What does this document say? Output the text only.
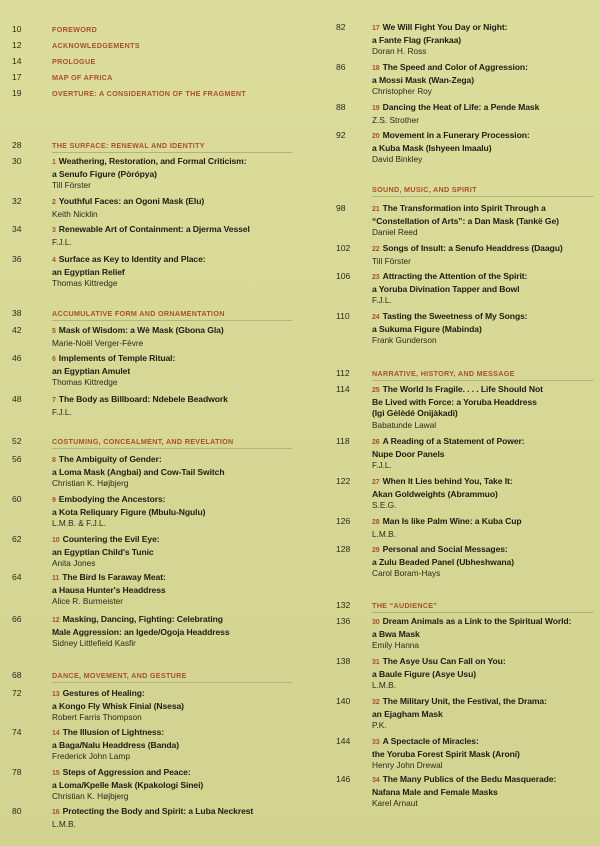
10	FOREWORD
12	ACKNOWLEDGEMENTS
14	PROLOGUE
17	MAP OF AFRICA
19	OVERTURE: A CONSIDERATION OF THE FRAGMENT
28	THE SURFACE: RENEWAL AND IDENTITY
30	1 Weathering, Restoration, and Formal Criticism:
a Senufo Figure (Pòrópya)
Till Förster
32	2 Youthful Faces: an Ogoni Mask (Elu)
Keith Nicklin
34	3 Renewable Art of Containment: a Djerma Vessel
F.J.L.
36	4 Surface as Key to Identity and Place:
an Egyptian Relief
Thomas Kittredge
38	ACCUMULATIVE FORM AND ORNAMENTATION
42	5 Mask of Wisdom: a Wè Mask (Gbona Gla)
Marie-Noël Verger-Fèvre
46	6 Implements of Temple Ritual:
an Egyptian Amulet
Thomas Kittredge
48	7 The Body as Billboard: Ndebele Beadwork
F.J.L.
52	COSTUMING, CONCEALMENT, AND REVELATION
56	8 The Ambiguity of Gender:
a Loma Mask (Angbai) and Cow-Tail Switch
Christian K. Højbjerg
60	9 Embodying the Ancestors:
a Kota Reliquary Figure (Mbulu-Ngulu)
L.M.B. & F.J.L.
62	10 Countering the Evil Eye:
an Egyptian Child's Tunic
Anita Jones
64	11 The Bird Is Faraway Meat:
a Hausa Hunter's Headdress
Alice R. Burmeister
66	12 Masking, Dancing, Fighting: Celebrating
Male Aggression: an Igede/Ogoja Headdress
Sidney Littlefield Kasfir
68	DANCE, MOVEMENT, AND GESTURE
72	13 Gestures of Healing:
a Kongo Fly Whisk Finial (Nsesa)
Robert Farris Thompson
74	14 The Illusion of Lightness:
a Baga/Nalu Headdress (Banda)
Frederick John Lamp
78	15 Steps of Aggression and Peace:
a Loma/Kpelle Mask (Kpakologi Sinei)
Christian K. Højbjerg
80	16 Protecting the Body and Spirit: a Luba Neckrest
L.M.B.
82	17 We Will Fight You Day or Night:
a Fante Flag (Frankaa)
Doran H. Ross
86	18 The Speed and Color of Aggression:
a Mossi Mask (Wan-Zega)
Christopher Roy
88	19 Dancing the Heat of Life: a Pende Mask
Z.S. Strother
92	20 Movement in a Funerary Procession:
a Kuba Mask (Ishyeen Imaalu)
David Binkley
SOUND, MUSIC, AND SPIRIT
98	21 The Transformation into Spirit Through a
“Constellation of Arts”: a Dan Mask (Tankë Ge)
Daniel Reed
102	22 Songs of Insult: a Senufo Headdress (Daagu)
Till Förster
106	23 Attracting the Attention of the Spirit:
a Yoruba Divination Tapper and Bowl
F.J.L.
110	24 Tasting the Sweetness of My Songs:
a Sukuma Figure (Mabinda)
Frank Gunderson
112	NARRATIVE, HISTORY, AND MESSAGE
114	25 The World Is Fragile. . . . Life Should Not
Be Lived with Force: a Yoruba Headdress
(Igi Gèlèdé Onijàkadi)
Babatunde Lawal
118	26 A Reading of a Statement of Power:
Nupe Door Panels
F.J.L.
122	27 When It Lies behind You, Take It:
Akan Goldweights (Abrammuo)
S.E.G.
126	28 Man Is like Palm Wine: a Kuba Cup
L.M.B.
128	29 Personal and Social Messages:
a Zulu Beaded Panel (Ubheshwana)
Carol Boram-Hays
132	THE “AUDIENCE”
136	30 Dream Animals as a Link to the Spiritual World:
a Bwa Mask
Emily Hanna
138	31 The Asye Usu Can Fall on You:
a Baule Figure (Asye Usu)
L.M.B.
140	32 The Military Unit, the Festival, the Drama:
an Ejagham Mask
P.K.
144	33 A Spectacle of Miracles:
the Yoruba Forest Spirit Mask (Aroni)
Henry John Drewal
146	34 The Many Publics of the Bedu Masquerade:
Nafana Male and Female Masks
Karel Arnaut
